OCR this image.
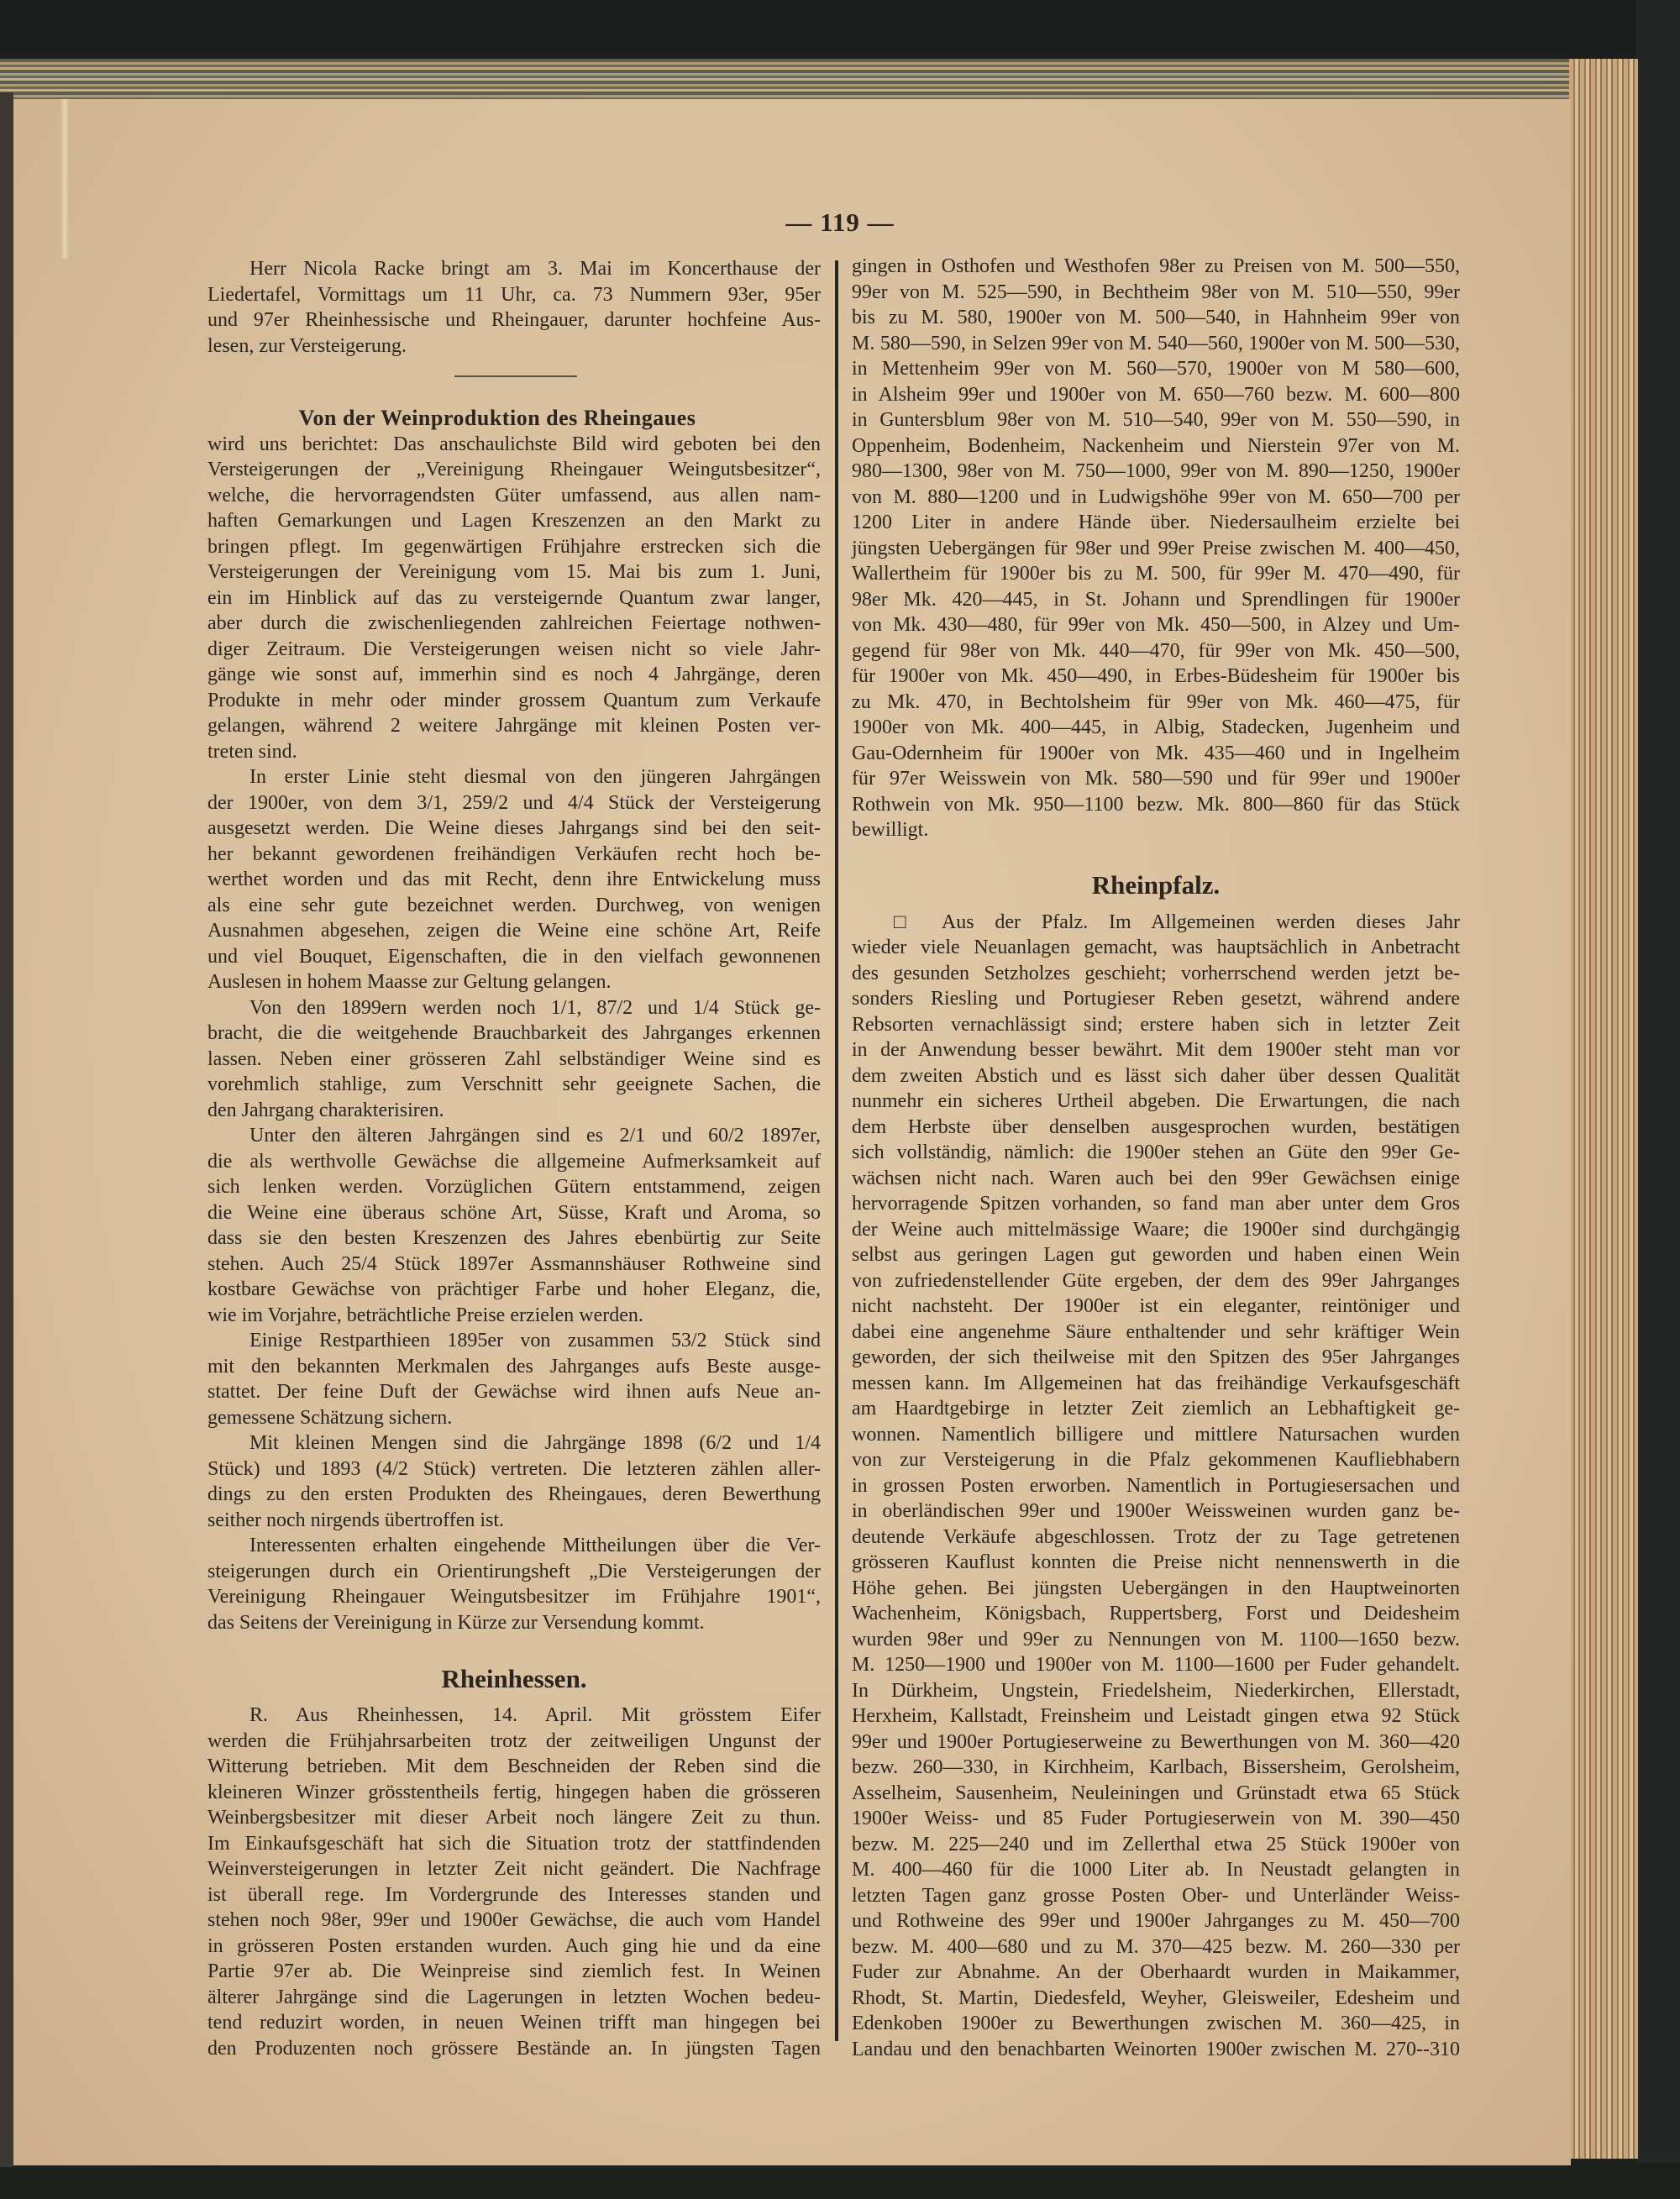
— 119 —
Herr Nicola Racke bringt am 3. Mai im Koncerthause der
Liedertafel, Vormittags um 11 Uhr, ca. 73 Nummern 93er, 95er
und 97er Rheinhessische und Rheingauer, darunter hochfeine Aus-
lesen, zur Versteigerung.
Von der Weinproduktion des Rheingaues
wird uns berichtet: Das anschaulichste Bild wird geboten bei den
Versteigerungen der „Vereinigung Rheingauer Weingutsbesitzer“,
welche, die hervorragendsten Güter umfassend, aus allen nam-
haften Gemarkungen und Lagen Kreszenzen an den Markt zu
bringen pflegt. Im gegenwärtigen Frühjahre erstrecken sich die
Versteigerungen der Vereinigung vom 15. Mai bis zum 1. Juni,
ein im Hinblick auf das zu versteigernde Quantum zwar langer,
aber durch die zwischenliegenden zahlreichen Feiertage nothwen-
diger Zeitraum. Die Versteigerungen weisen nicht so viele Jahr-
gänge wie sonst auf, immerhin sind es noch 4 Jahrgänge, deren
Produkte in mehr oder minder grossem Quantum zum Verkaufe
gelangen, während 2 weitere Jahrgänge mit kleinen Posten ver-
treten sind.
In erster Linie steht diesmal von den jüngeren Jahrgängen
der 1900er, von dem 3/1, 259/2 und 4/4 Stück der Versteigerung
ausgesetzt werden. Die Weine dieses Jahrgangs sind bei den seit-
her bekannt gewordenen freihändigen Verkäufen recht hoch be-
werthet worden und das mit Recht, denn ihre Entwickelung muss
als eine sehr gute bezeichnet werden. Durchweg, von wenigen
Ausnahmen abgesehen, zeigen die Weine eine schöne Art, Reife
und viel Bouquet, Eigenschaften, die in den vielfach gewonnenen
Auslesen in hohem Maasse zur Geltung gelangen.
Von den 1899ern werden noch 1/1, 87/2 und 1/4 Stück ge-
bracht, die die weitgehende Brauchbarkeit des Jahrganges erkennen
lassen. Neben einer grösseren Zahl selbständiger Weine sind es
vorehmlich stahlige, zum Verschnitt sehr geeignete Sachen, die
den Jahrgang charakterisiren.
Unter den älteren Jahrgängen sind es 2/1 und 60/2 1897er,
die als werthvolle Gewächse die allgemeine Aufmerksamkeit auf
sich lenken werden. Vorzüglichen Gütern entstammend, zeigen
die Weine eine überaus schöne Art, Süsse, Kraft und Aroma, so
dass sie den besten Kreszenzen des Jahres ebenbürtig zur Seite
stehen. Auch 25/4 Stück 1897er Assmannshäuser Rothweine sind
kostbare Gewächse von prächtiger Farbe und hoher Eleganz, die,
wie im Vorjahre, beträchtliche Preise erzielen werden.
Einige Restparthieen 1895er von zusammen 53/2 Stück sind
mit den bekannten Merkmalen des Jahrganges aufs Beste ausge-
stattet. Der feine Duft der Gewächse wird ihnen aufs Neue an-
gemessene Schätzung sichern.
Mit kleinen Mengen sind die Jahrgänge 1898 (6/2 und 1/4
Stück) und 1893 (4/2 Stück) vertreten. Die letzteren zählen aller-
dings zu den ersten Produkten des Rheingaues, deren Bewerthung
seither noch nirgends übertroffen ist.
Interessenten erhalten eingehende Mittheilungen über die Ver-
steigerungen durch ein Orientirungsheft „Die Versteigerungen der
Vereinigung Rheingauer Weingutsbesitzer im Frühjahre 1901“,
das Seitens der Vereinigung in Kürze zur Versendung kommt.
Rheinhessen.
R. Aus Rheinhessen, 14. April. Mit grösstem Eifer
werden die Frühjahrsarbeiten trotz der zeitweiligen Ungunst der
Witterung betrieben. Mit dem Beschneiden der Reben sind die
kleineren Winzer grösstentheils fertig, hingegen haben die grösseren
Weinbergsbesitzer mit dieser Arbeit noch längere Zeit zu thun.
Im Einkaufsgeschäft hat sich die Situation trotz der stattfindenden
Weinversteigerungen in letzter Zeit nicht geändert. Die Nachfrage
ist überall rege. Im Vordergrunde des Interesses standen und
stehen noch 98er, 99er und 1900er Gewächse, die auch vom Handel
in grösseren Posten erstanden wurden. Auch ging hie und da eine
Partie 97er ab. Die Weinpreise sind ziemlich fest. In Weinen
älterer Jahrgänge sind die Lagerungen in letzten Wochen bedeu-
tend reduzirt worden, in neuen Weinen trifft man hingegen bei
den Produzenten noch grössere Bestände an. In jüngsten Tagen
gingen in Osthofen und Westhofen 98er zu Preisen von M. 500—550,
99er von M. 525—590, in Bechtheim 98er von M. 510—550, 99er
bis zu M. 580, 1900er von M. 500—540, in Hahnheim 99er von
M. 580—590, in Selzen 99er von M. 540—560, 1900er von M. 500—530,
in Mettenheim 99er von M. 560—570, 1900er von M 580—600,
in Alsheim 99er und 1900er von M. 650—760 bezw. M. 600—800
in Guntersblum 98er von M. 510—540, 99er von M. 550—590, in
Oppenheim, Bodenheim, Nackenheim und Nierstein 97er von M.
980—1300, 98er von M. 750—1000, 99er von M. 890—1250, 1900er
von M. 880—1200 und in Ludwigshöhe 99er von M. 650—700 per
1200 Liter in andere Hände über. Niedersaulheim erzielte bei
jüngsten Uebergängen für 98er und 99er Preise zwischen M. 400—450,
Wallertheim für 1900er bis zu M. 500, für 99er M. 470—490, für
98er Mk. 420—445, in St. Johann und Sprendlingen für 1900er
von Mk. 430—480, für 99er von Mk. 450—500, in Alzey und Um-
gegend für 98er von Mk. 440—470, für 99er von Mk. 450—500,
für 1900er von Mk. 450—490, in Erbes-Büdesheim für 1900er bis
zu Mk. 470, in Bechtolsheim für 99er von Mk. 460—475, für
1900er von Mk. 400—445, in Albig, Stadecken, Jugenheim und
Gau-Odernheim für 1900er von Mk. 435—460 und in Ingelheim
für 97er Weisswein von Mk. 580—590 und für 99er und 1900er
Rothwein von Mk. 950—1100 bezw. Mk. 800—860 für das Stück
bewilligt.
Rheinpfalz.
□ Aus der Pfalz. Im Allgemeinen werden dieses Jahr
wieder viele Neuanlagen gemacht, was hauptsächlich in Anbetracht
des gesunden Setzholzes geschieht; vorherrschend werden jetzt be-
sonders Riesling und Portugieser Reben gesetzt, während andere
Rebsorten vernachlässigt sind; erstere haben sich in letzter Zeit
in der Anwendung besser bewährt. Mit dem 1900er steht man vor
dem zweiten Abstich und es lässt sich daher über dessen Qualität
nunmehr ein sicheres Urtheil abgeben. Die Erwartungen, die nach
dem Herbste über denselben ausgesprochen wurden, bestätigen
sich vollständig, nämlich: die 1900er stehen an Güte den 99er Ge-
wächsen nicht nach. Waren auch bei den 99er Gewächsen einige
hervorragende Spitzen vorhanden, so fand man aber unter dem Gros
der Weine auch mittelmässige Waare; die 1900er sind durchgängig
selbst aus geringen Lagen gut geworden und haben einen Wein
von zufriedenstellender Güte ergeben, der dem des 99er Jahrganges
nicht nachsteht. Der 1900er ist ein eleganter, reintöniger und
dabei eine angenehme Säure enthaltender und sehr kräftiger Wein
geworden, der sich theilweise mit den Spitzen des 95er Jahrganges
messen kann. Im Allgemeinen hat das freihändige Verkaufsgeschäft
am Haardtgebirge in letzter Zeit ziemlich an Lebhaftigkeit ge-
wonnen. Namentlich billigere und mittlere Natursachen wurden
von zur Versteigerung in die Pfalz gekommenen Kaufliebhabern
in grossen Posten erworben. Namentlich in Portugiesersachen und
in oberländischen 99er und 1900er Weissweinen wurden ganz be-
deutende Verkäufe abgeschlossen. Trotz der zu Tage getretenen
grösseren Kauflust konnten die Preise nicht nennenswerth in die
Höhe gehen. Bei jüngsten Uebergängen in den Hauptweinorten
Wachenheim, Königsbach, Ruppertsberg, Forst und Deidesheim
wurden 98er und 99er zu Nennungen von M. 1100—1650 bezw.
M. 1250—1900 und 1900er von M. 1100—1600 per Fuder gehandelt.
In Dürkheim, Ungstein, Friedelsheim, Niederkirchen, Ellerstadt,
Herxheim, Kallstadt, Freinsheim und Leistadt gingen etwa 92 Stück
99er und 1900er Portugieserweine zu Bewerthungen von M. 360—420
bezw. 260—330, in Kirchheim, Karlbach, Bissersheim, Gerolsheim,
Asselheim, Sausenheim, Neuleiningen und Grünstadt etwa 65 Stück
1900er Weiss- und 85 Fuder Portugieserwein von M. 390—450
bezw. M. 225—240 und im Zellerthal etwa 25 Stück 1900er von
M. 400—460 für die 1000 Liter ab. In Neustadt gelangten in
letzten Tagen ganz grosse Posten Ober- und Unterländer Weiss-
und Rothweine des 99er und 1900er Jahrganges zu M. 450—700
bezw. M. 400—680 und zu M. 370—425 bezw. M. 260—330 per
Fuder zur Abnahme. An der Oberhaardt wurden in Maikammer,
Rhodt, St. Martin, Diedesfeld, Weyher, Gleisweiler, Edesheim und
Edenkoben 1900er zu Bewerthungen zwischen M. 360—425, in
Landau und den benachbarten Weinorten 1900er zwischen M. 270--310
